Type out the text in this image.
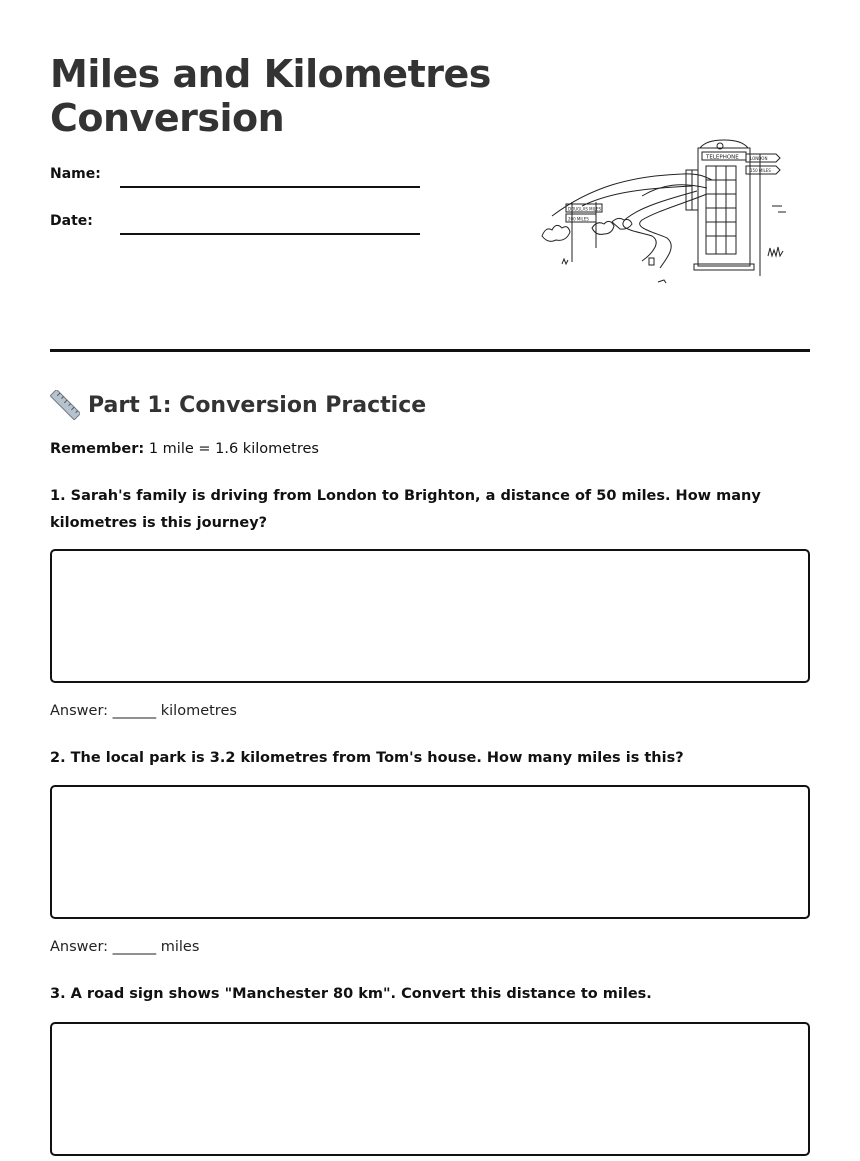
Miles and Kilometres Conversion
Name:
Date:
DOUGLAS MILES
200 MILES
TELEPHONE	LONDON
150 MILES
Part 1: Conversion Practice

Remember: 1 mile = 1.6 kilometres

1. Sarah's family is driving from London to Brighton, a distance of 50 miles. How many kilometres is this journey?

Answer: ______ kilometres

2. The local park is 3.2 kilometres from Tom's house. How many miles is this?

Answer: ______ miles

3. A road sign shows "Manchester 80 km". Convert this distance to miles.
